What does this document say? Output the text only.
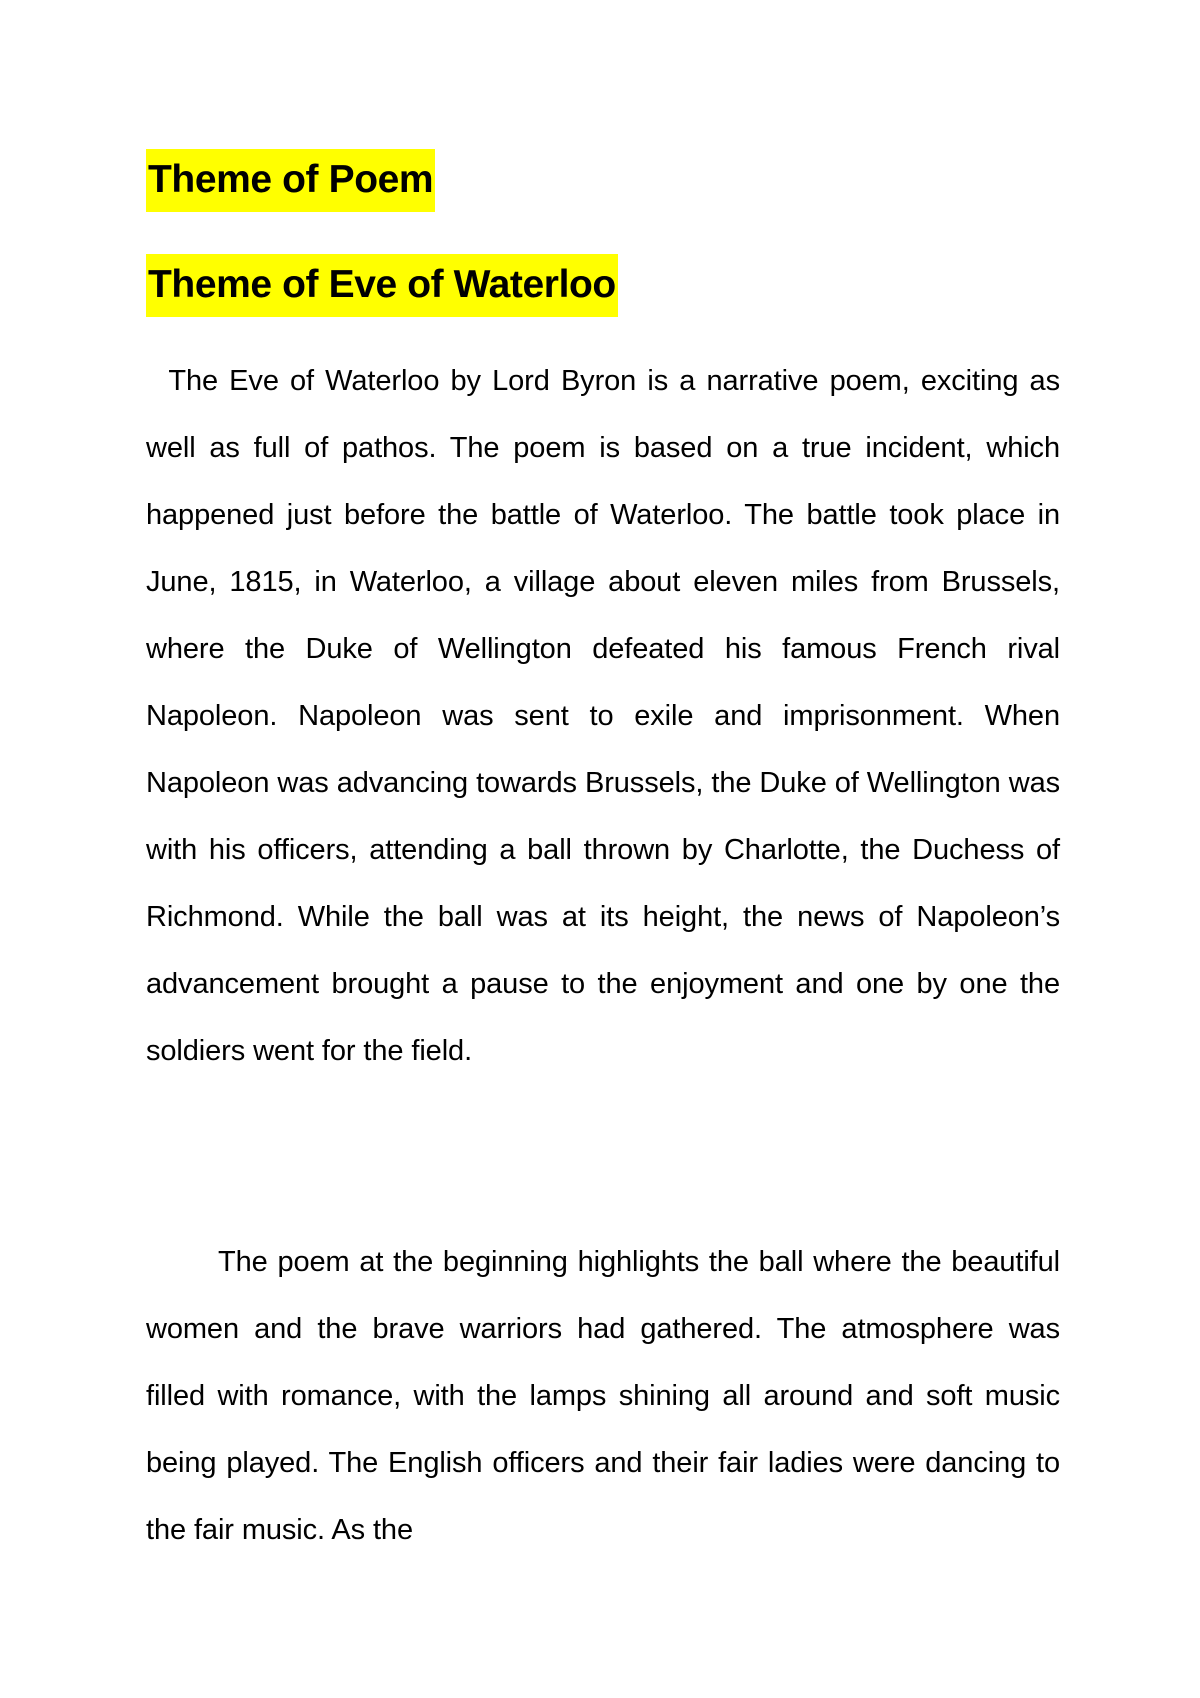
Theme of Poem
Theme of Eve of Waterloo

The Eve of Waterloo by Lord Byron is a narrative poem, exciting as well as full of pathos. The poem is based on a true incident, which happened just before the battle of Waterloo. The battle took place in June, 1815, in Waterloo, a village about eleven miles from Brussels, where the Duke of Wellington defeated his famous French rival Napoleon. Napoleon was sent to exile and imprisonment. When Napoleon was advancing towards Brussels, the Duke of Wellington was with his officers, attending a ball thrown by Charlotte, the Duchess of Richmond. While the ball was at its height, the news of Napoleon’s advancement brought a pause to the enjoyment and one by one the soldiers went for the field.

The poem at the beginning highlights the ball where the beautiful women and the brave warriors had gathered. The atmosphere was filled with romance, with the lamps shining all around and soft music being played. The English officers and their fair ladies were dancing to the fair music. As the
